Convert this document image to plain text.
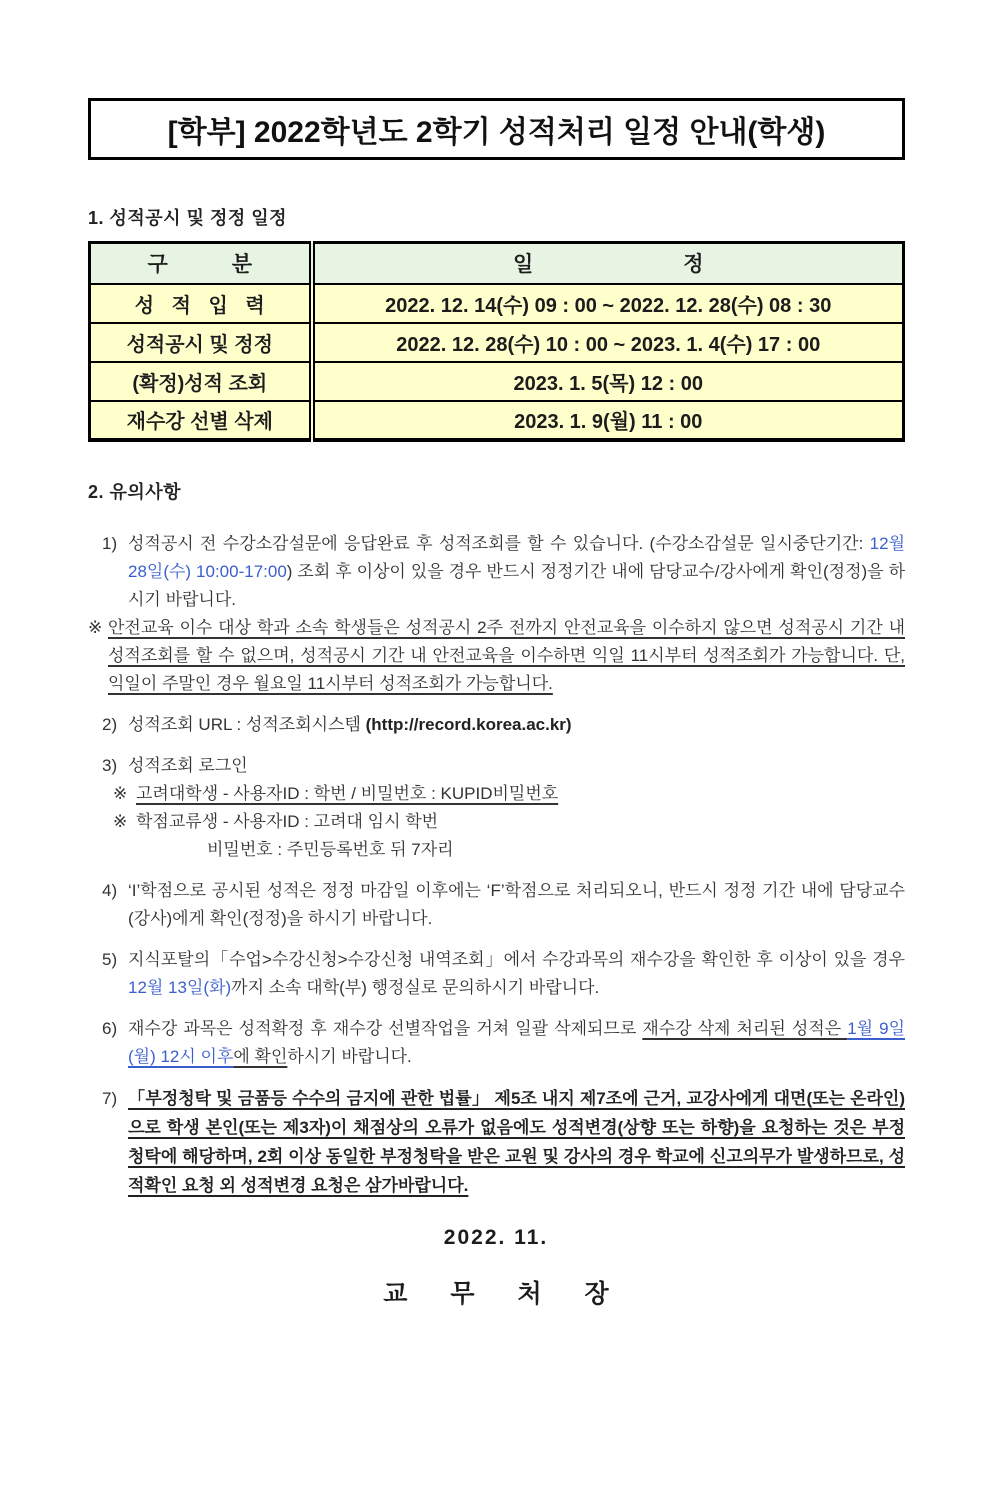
[학부] 2022학년도 2학기 성적처리 일정 안내(학생)
1. 성적공시 및 정정 일정
구 분	일 정

성 적 입 력	2022. 12. 14(수) 09 : 00 ~ 2022. 12. 28(수) 08 : 30
성적공시 및 정정	2022. 12. 28(수) 10 : 00 ~ 2023. 1. 4(수) 17 : 00
(확정)성적 조회	2023. 1. 5(목) 12 : 00
재수강 선별 삭제	2023. 1. 9(월) 11 : 00
2. 유의사항
1) 성적공시 전 수강소감설문에 응답완료 후 성적조회를 할 수 있습니다. (수강소감설문 일시중단기간: 12월 28일(수) 10:00-17:00) 조회 후 이상이 있을 경우 반드시 정정기간 내에 담당교수/강사에게 확인(정정)을 하시기 바랍니다.
※ 안전교육 이수 대상 학과 소속 학생들은 성적공시 2주 전까지 안전교육을 이수하지 않으면 성적공시 기간 내 성적조회를 할 수 없으며, 성적공시 기간 내 안전교육을 이수하면 익일 11시부터 성적조회가 가능합니다. 단, 익일이 주말인 경우 월요일 11시부터 성적조회가 가능합니다.
2) 성적조회 URL : 성적조회시스템 (http://record.korea.ac.kr)
3) 성적조회 로그인
※ 고려대학생 - 사용자ID : 학번 / 비밀번호 : KUPID비밀번호
※ 학점교류생 - 사용자ID : 고려대 임시 학번
비밀번호 : 주민등록번호 뒤 7자리
4) ‘I’학점으로 공시된 성적은 정정 마감일 이후에는 ‘F’학점으로 처리되오니, 반드시 정정 기간 내에 담당교수(강사)에게 확인(정정)을 하시기 바랍니다.
5) 지식포탈의「수업>수강신청>수강신청 내역조회」에서 수강과목의 재수강을 확인한 후 이상이 있을 경우 12월 13일(화)까지 소속 대학(부) 행정실로 문의하시기 바랍니다.
6) 재수강 과목은 성적확정 후 재수강 선별작업을 거쳐 일괄 삭제되므로 재수강 삭제 처리된 성적은 1월 9일(월) 12시 이후에 확인하시기 바랍니다.
7) 「부정청탁 및 금품등 수수의 금지에 관한 법률」 제5조 내지 제7조에 근거, 교강사에게 대면(또는 온라인)으로 학생 본인(또는 제3자)이 채점상의 오류가 없음에도 성적변경(상향 또는 하향)을 요청하는 것은 부정청탁에 해당하며, 2회 이상 동일한 부정청탁을 받은 교원 및 강사의 경우 학교에 신고의무가 발생하므로, 성적확인 요청 외 성적변경 요청은 삼가바랍니다.
2022. 11.
교 무 처 장
